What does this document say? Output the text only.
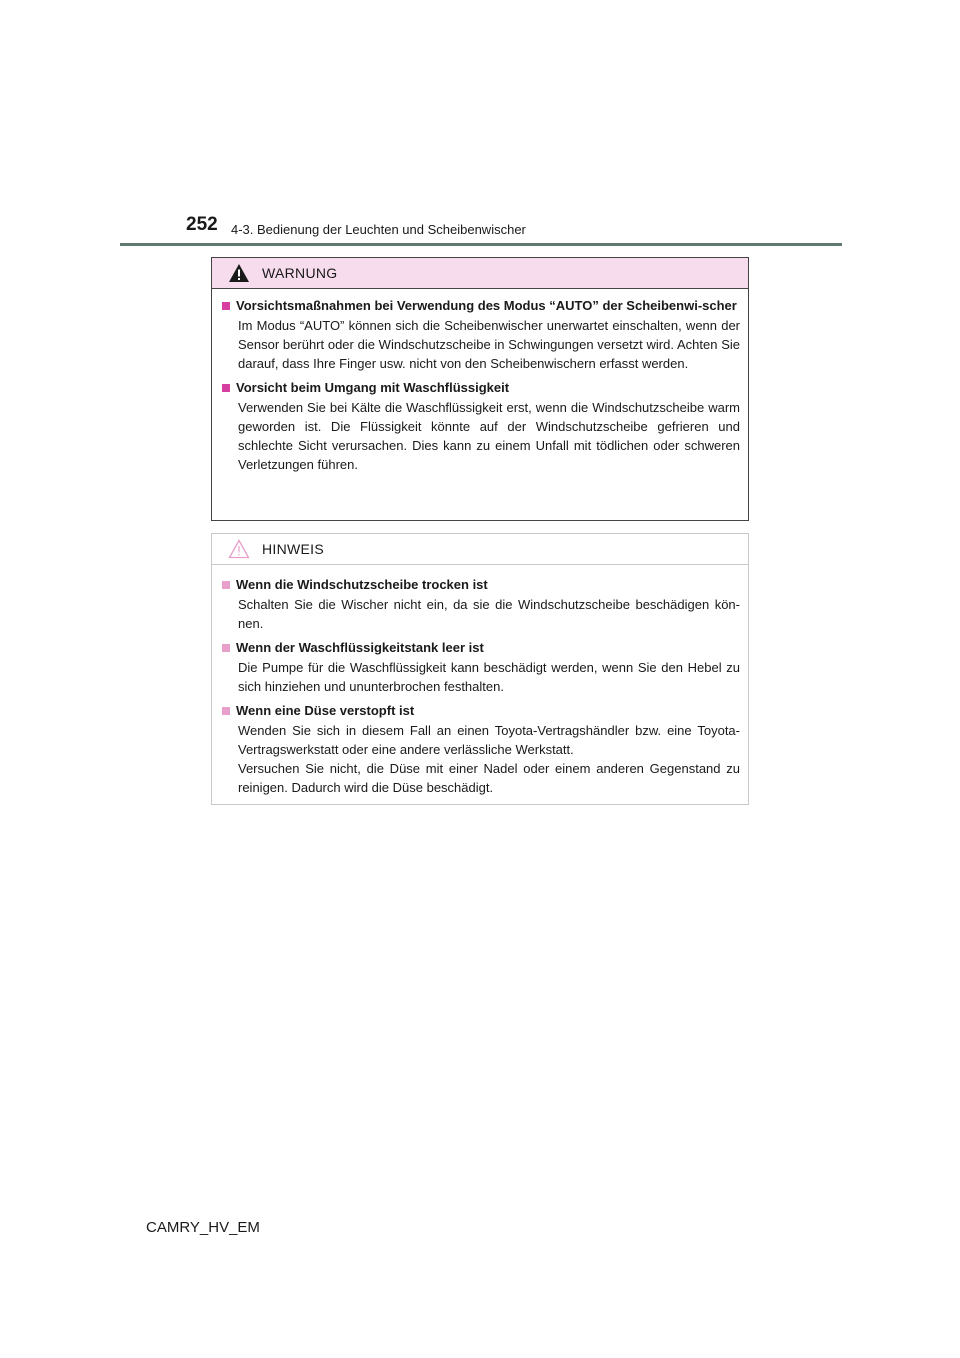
252 4-3. Bedienung der Leuchten und Scheibenwischer
WARNUNG
Vorsichtsmaßnahmen bei Verwendung des Modus “AUTO” der Scheibenwi-scher
Im Modus “AUTO” können sich die Scheibenwischer unerwartet einschalten, wenn der Sensor berührt oder die Windschutzscheibe in Schwingungen versetzt wird. Achten Sie darauf, dass Ihre Finger usw. nicht von den Scheibenwischern erfasst werden.
Vorsicht beim Umgang mit Waschflüssigkeit
Verwenden Sie bei Kälte die Waschflüssigkeit erst, wenn die Windschutzscheibe warm geworden ist. Die Flüssigkeit könnte auf der Windschutzscheibe gefrieren und schlechte Sicht verursachen. Dies kann zu einem Unfall mit tödlichen oder schweren Verletzungen führen.
HINWEIS
Wenn die Windschutzscheibe trocken ist
Schalten Sie die Wischer nicht ein, da sie die Windschutzscheibe beschädigen kön-nen.
Wenn der Waschflüssigkeitstank leer ist
Die Pumpe für die Waschflüssigkeit kann beschädigt werden, wenn Sie den Hebel zu sich hinziehen und ununterbrochen festhalten.
Wenn eine Düse verstopft ist
Wenden Sie sich in diesem Fall an einen Toyota-Vertragshändler bzw. eine Toyota-Vertragswerkstatt oder eine andere verlässliche Werkstatt.
Versuchen Sie nicht, die Düse mit einer Nadel oder einem anderen Gegenstand zu reinigen. Dadurch wird die Düse beschädigt.
CAMRY_HV_EM
